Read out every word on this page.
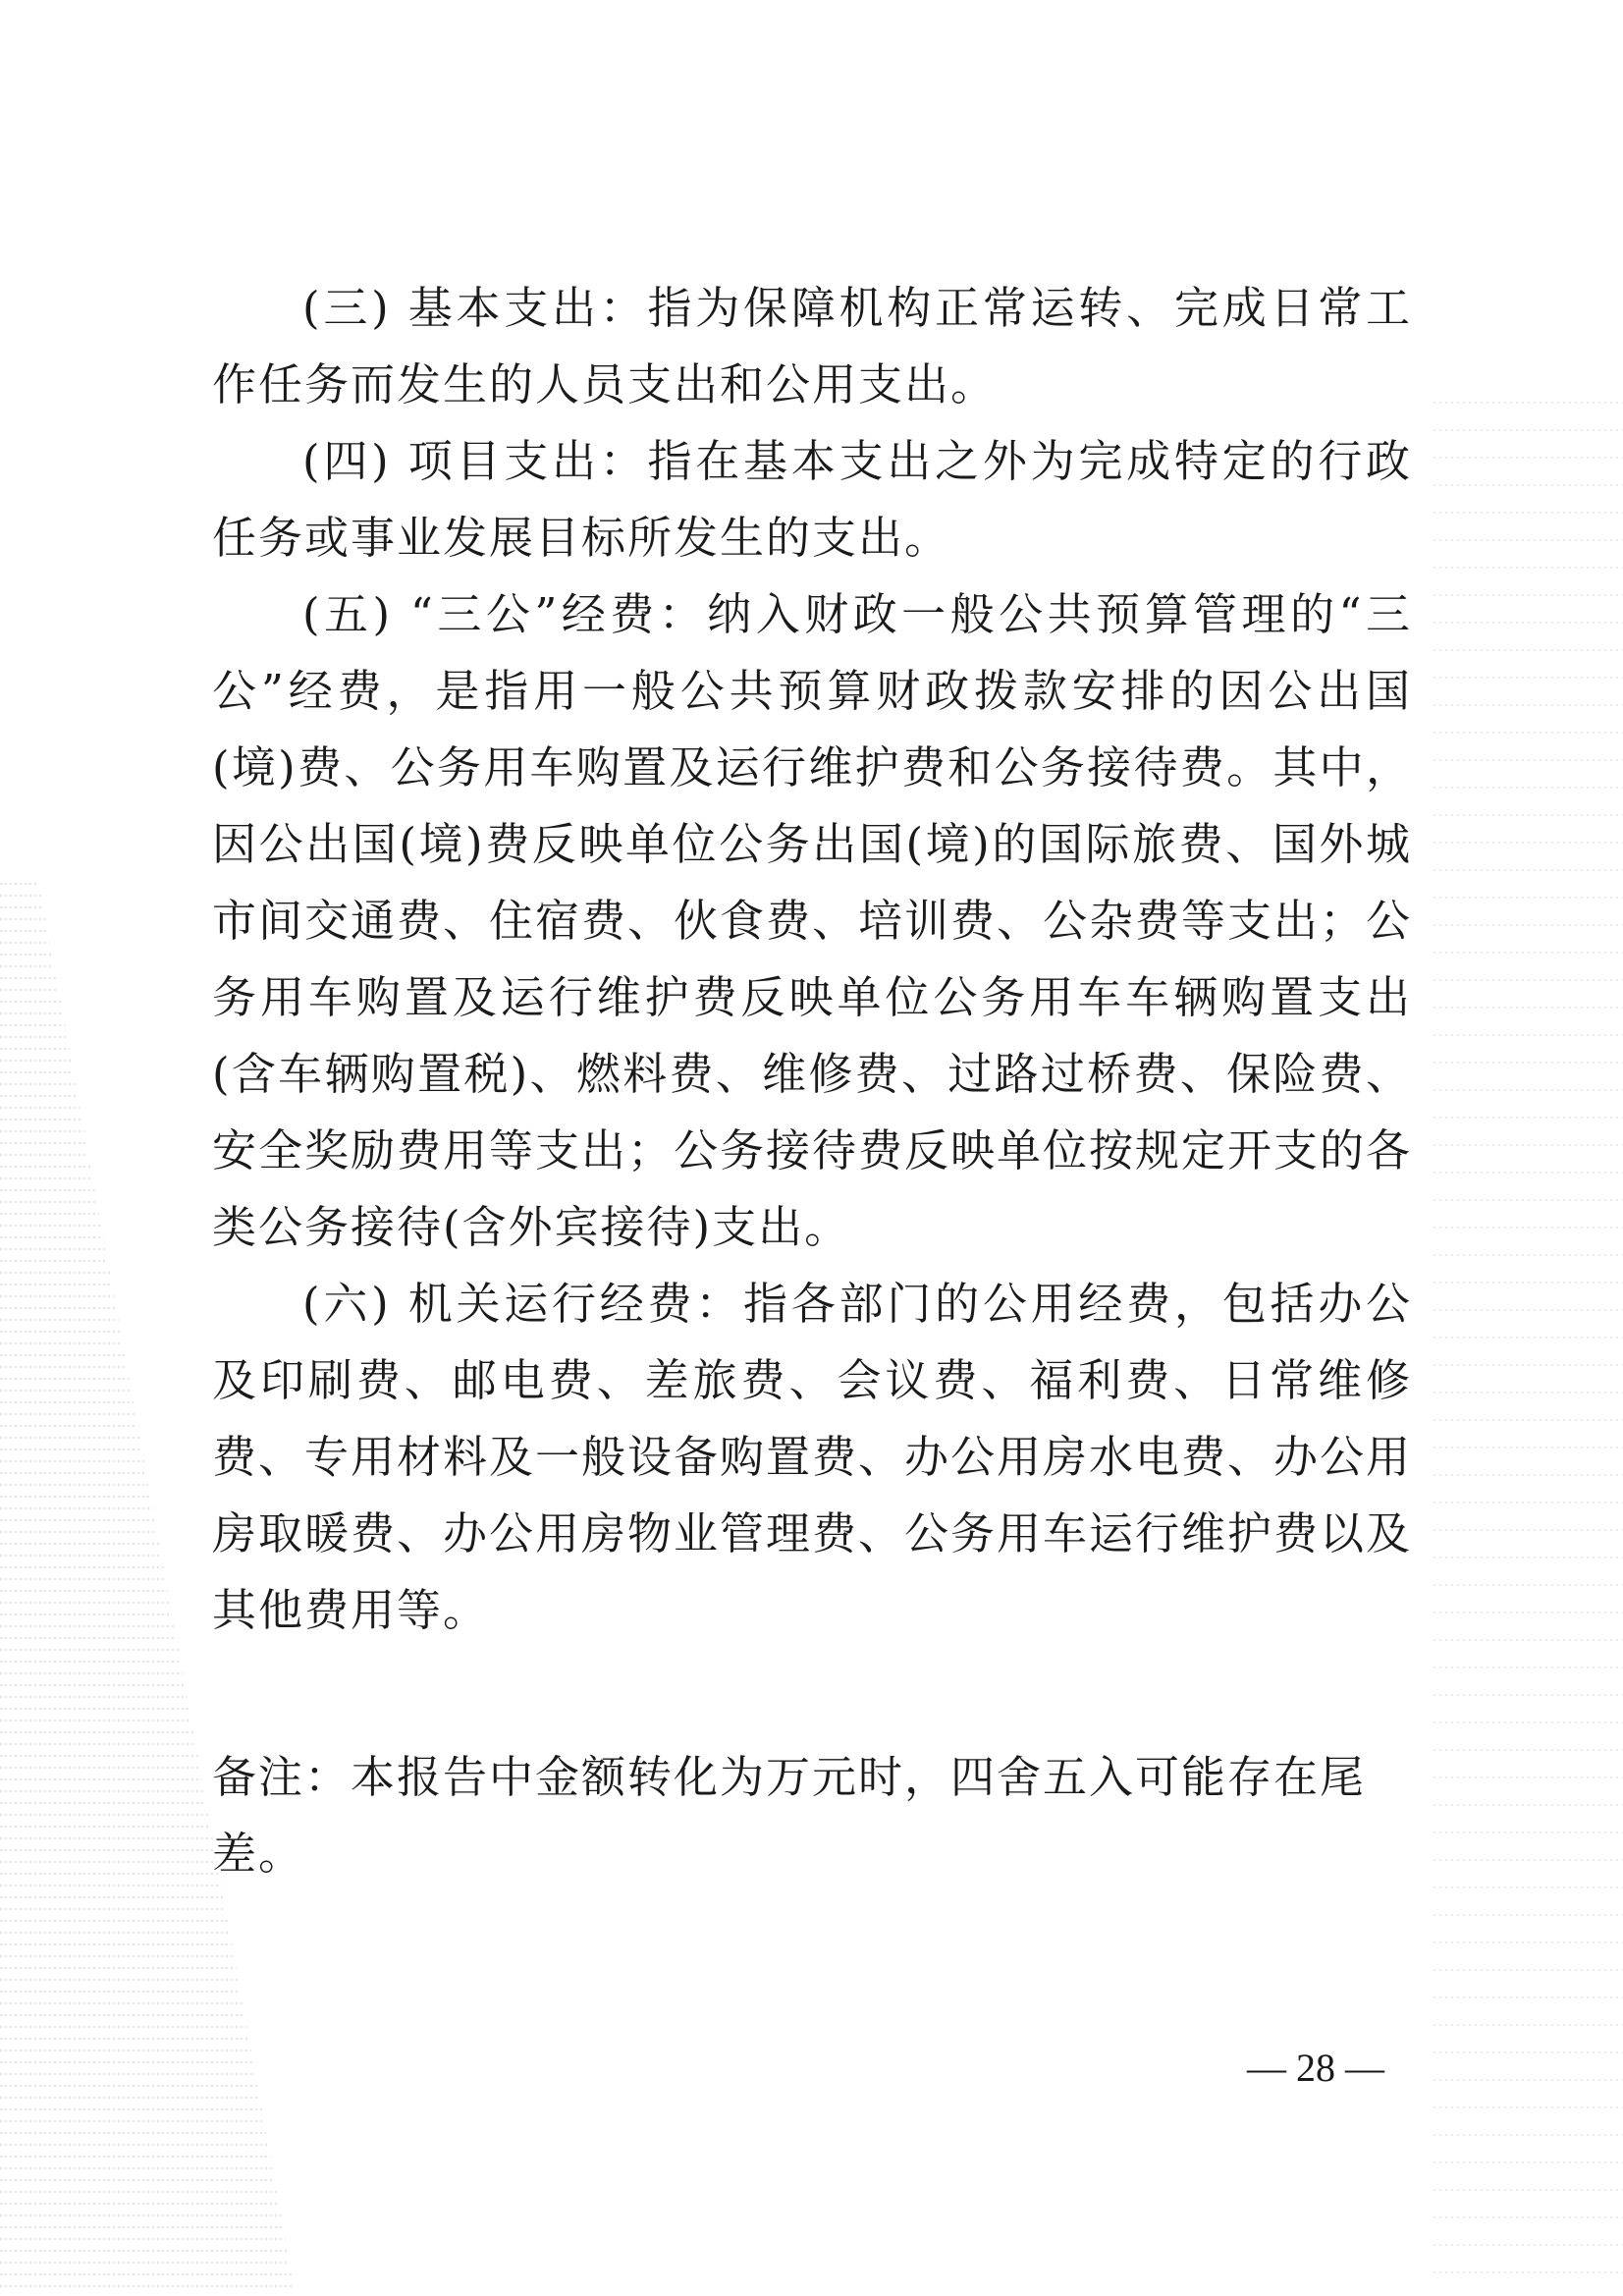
(三) 基本支出：指为保障机构正常运转、完成日常工作任务而发生的人员支出和公用支出。

(四) 项目支出：指在基本支出之外为完成特定的行政任务或事业发展目标所发生的支出。

(五) “三公”经费：纳入财政一般公共预算管理的“三公”经费，是指用一般公共预算财政拨款安排的因公出国(境)费、公务用车购置及运行维护费和公务接待费。其中，因公出国(境)费反映单位公务出国(境)的国际旅费、国外城市间交通费、住宿费、伙食费、培训费、公杂费等支出；公务用车购置及运行维护费反映单位公务用车车辆购置支出(含车辆购置税)、燃料费、维修费、过路过桥费、保险费、安全奖励费用等支出；公务接待费反映单位按规定开支的各类公务接待(含外宾接待)支出。

(六) 机关运行经费：指各部门的公用经费，包括办公及印刷费、邮电费、差旅费、会议费、福利费、日常维修费、专用材料及一般设备购置费、办公用房水电费、办公用房取暖费、办公用房物业管理费、公务用车运行维护费以及其他费用等。

备注：本报告中金额转化为万元时，四舍五入可能存在尾差。

— 28 —
